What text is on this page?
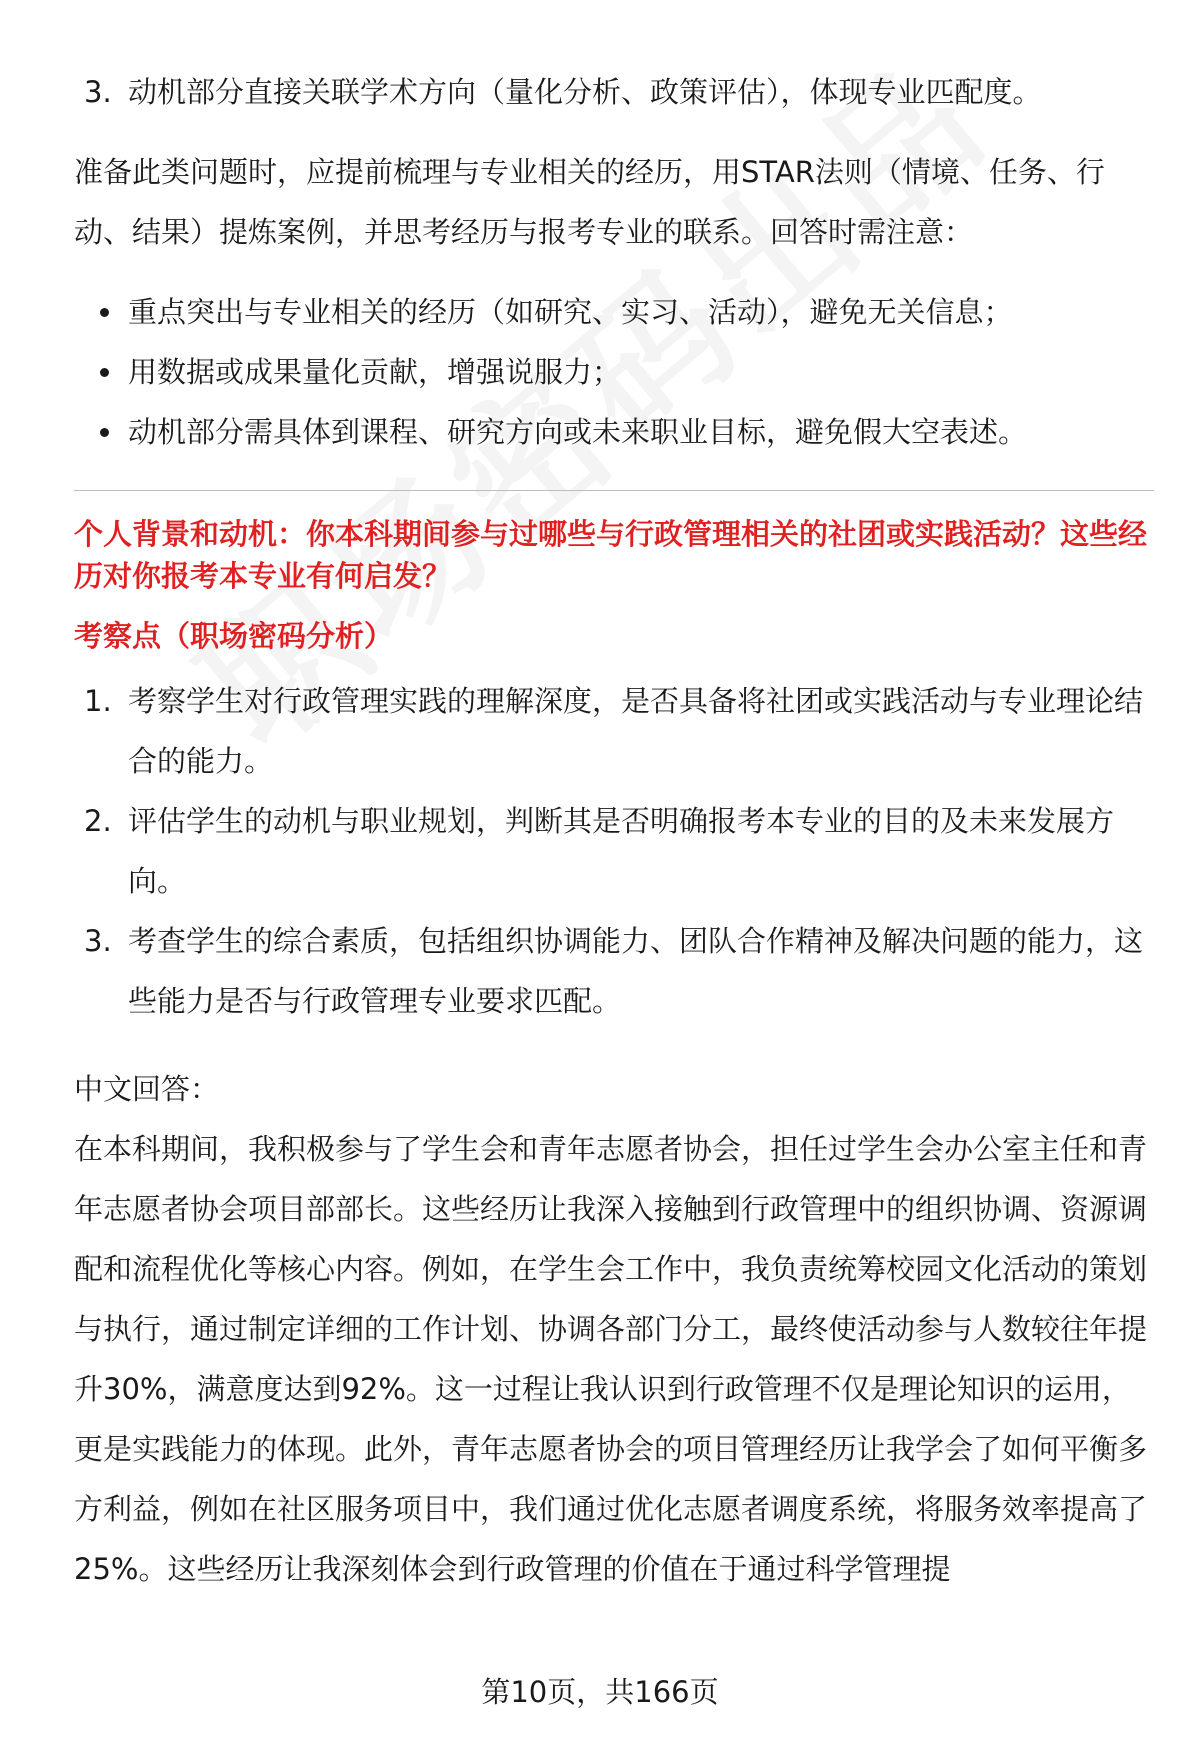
3. 动机部分直接关联学术方向（量化分析、政策评估），体现专业匹配度。

准备此类问题时，应提前梳理与专业相关的经历，用STAR法则（情境、任务、行动、结果）提炼案例，并思考经历与报考专业的联系。回答时需注意：

重点突出与专业相关的经历（如研究、实习、活动），避免无关信息；
用数据或成果量化贡献，增强说服力；
动机部分需具体到课程、研究方向或未来职业目标，避免假大空表述。

个人背景和动机：你本科期间参与过哪些与行政管理相关的社团或实践活动？这些经历对你报考本专业有何启发？

考察点（职场密码分析）

1. 考察学生对行政管理实践的理解深度，是否具备将社团或实践活动与专业理论结合的能力。
2. 评估学生的动机与职业规划，判断其是否明确报考本专业的目的及未来发展方向。
3. 考查学生的综合素质，包括组织协调能力、团队合作精神及解决问题的能力，这些能力是否与行政管理专业要求匹配。

中文回答：

在本科期间，我积极参与了学生会和青年志愿者协会，担任过学生会办公室主任和青年志愿者协会项目部部长。这些经历让我深入接触到行政管理中的组织协调、资源调配和流程优化等核心内容。例如，在学生会工作中，我负责统筹校园文化活动的策划与执行，通过制定详细的工作计划、协调各部门分工，最终使活动参与人数较往年提升30%，满意度达到92%。这一过程让我认识到行政管理不仅是理论知识的运用，更是实践能力的体现。此外，青年志愿者协会的项目管理经历让我学会了如何平衡多方利益，例如在社区服务项目中，我们通过优化志愿者调度系统，将服务效率提高了25%。这些经历让我深刻体会到行政管理的价值在于通过科学管理提

第10页，共166页
